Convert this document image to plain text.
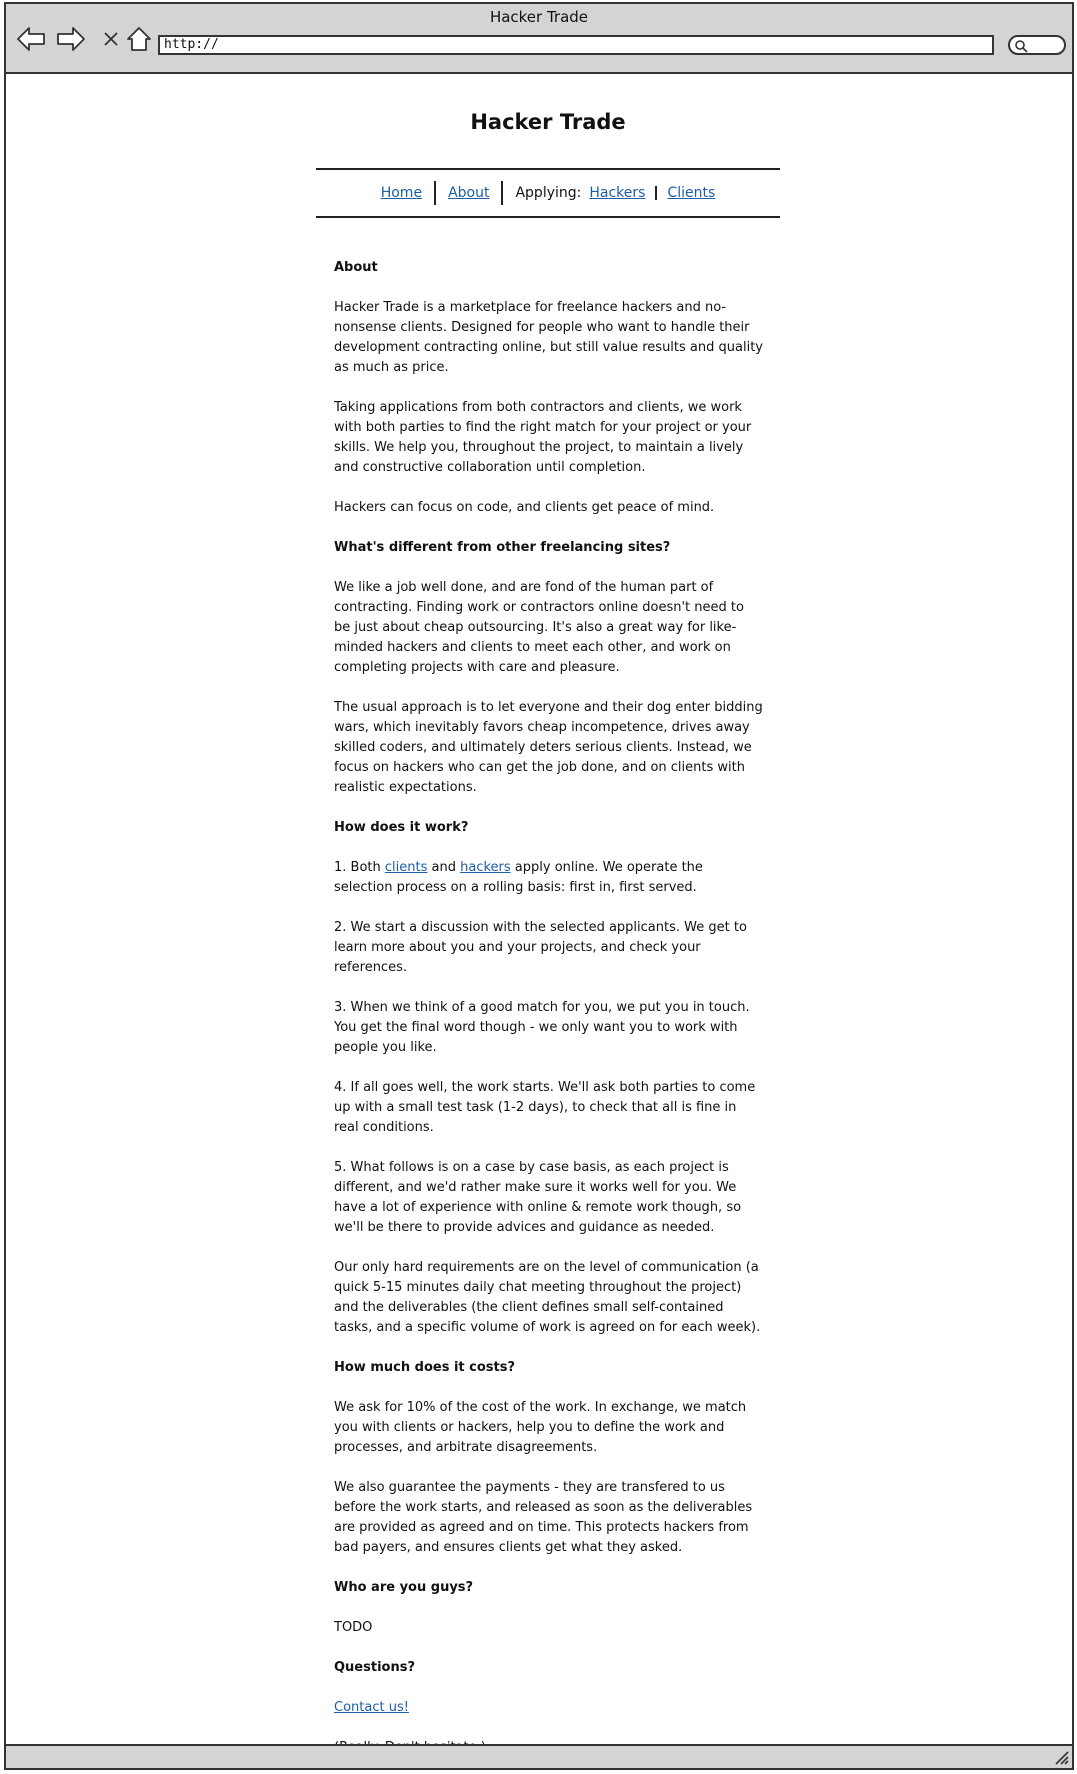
Hacker Trade
http://
Hacker Trade
Home About Applying: Hackers Clients
About

Hacker Trade is a marketplace for freelance hackers and no-nonsense clients. Designed for people who want to handle their development contracting online, but still value results and quality as much as price.

Taking applications from both contractors and clients, we work with both parties to find the right match for your project or your skills. We help you, throughout the project, to maintain a lively and constructive collaboration until completion.

Hackers can focus on code, and clients get peace of mind.

What's different from other freelancing sites?

We like a job well done, and are fond of the human part of contracting. Finding work or contractors online doesn't need to be just about cheap outsourcing. It's also a great way for like-minded hackers and clients to meet each other, and work on completing projects with care and pleasure.

The usual approach is to let everyone and their dog enter bidding wars, which inevitably favors cheap incompetence, drives away skilled coders, and ultimately deters serious clients. Instead, we focus on hackers who can get the job done, and on clients with realistic expectations.

How does it work?

1. Both clients and hackers apply online. We operate the selection process on a rolling basis: first in, first served.

2. We start a discussion with the selected applicants. We get to learn more about you and your projects, and check your references.

3. When we think of a good match for you, we put you in touch. You get the final word though - we only want you to work with people you like.

4. If all goes well, the work starts. We'll ask both parties to come up with a small test task (1-2 days), to check that all is fine in real conditions.

5. What follows is on a case by case basis, as each project is different, and we'd rather make sure it works well for you. We have a lot of experience with online & remote work though, so we'll be there to provide advices and guidance as needed.

Our only hard requirements are on the level of communication (a quick 5-15 minutes daily chat meeting throughout the project) and the deliverables (the client defines small self-contained tasks, and a specific volume of work is agreed on for each week).

How much does it costs?

We ask for 10% of the cost of the work. In exchange, we match you with clients or hackers, help you to define the work and processes, and arbitrate disagreements.

We also guarantee the payments - they are transfered to us before the work starts, and released as soon as the deliverables are provided as agreed and on time. This protects hackers from bad payers, and ensures clients get what they asked.

Who are you guys?

TODO

Questions?

Contact us!
